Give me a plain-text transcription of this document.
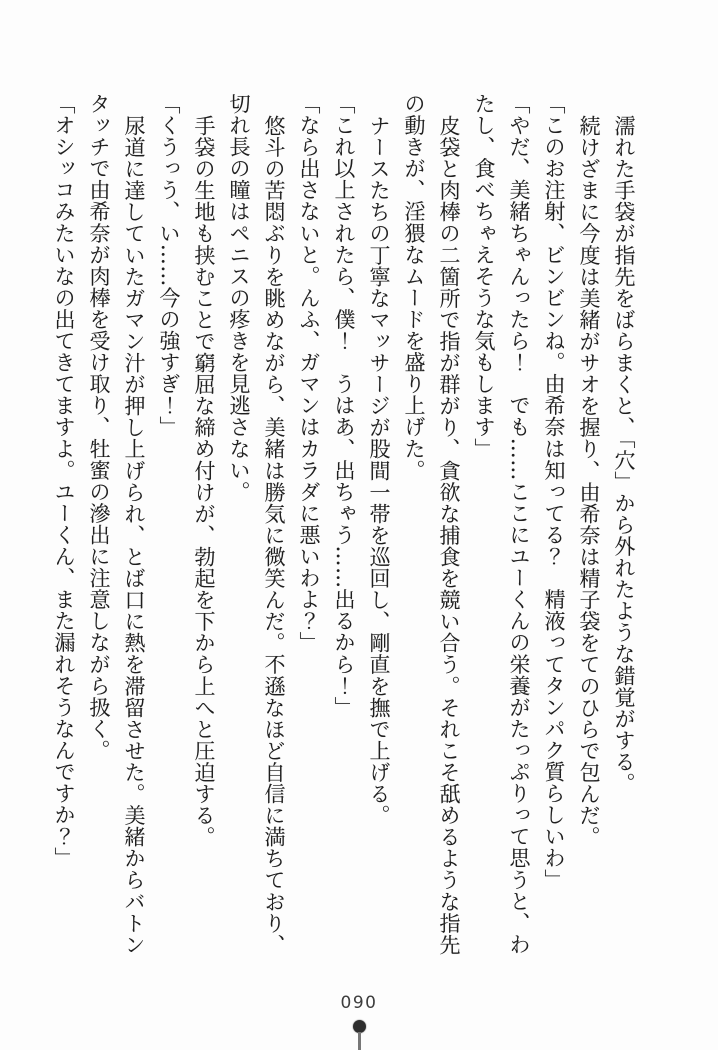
濡れた手袋が指先をばらまくと、「穴」から外れたような錯覚がする。

続けざまに今度は美緒がサオを握り、由希奈は精子袋をてのひらで包んだ。

「このお注射、ビンビンね。由希奈は知ってる？　精液ってタンパク質らしいわ」

「やだ、美緒ちゃんったら！　でも……ここにユーくんの栄養がたっぷりって思うと、わたし、食べちゃえそうな気もします」

皮袋と肉棒の二箇所で指が群がり、貪欲な捕食を競い合う。それこそ舐めるような指先の動きが、淫猥なムードを盛り上げた。

ナースたちの丁寧なマッサージが股間一帯を巡回し、剛直を撫で上げる。

「これ以上されたら、僕！　うはあ、出ちゃう……出るから！」

「なら出さないと。んふ、ガマンはカラダに悪いわよ？」

悠斗の苦悶ぶりを眺めながら、美緒は勝気に微笑んだ。不遜なほど自信に満ちており、切れ長の瞳はペニスの疼きを見逃さない。

手袋の生地も挟むことで窮屈な締め付けが、勃起を下から上へと圧迫する。

「くうっう、い……今の強すぎ！」

尿道に達していたガマン汁が押し上げられ、とば口に熱を滞留させた。美緒からバトンタッチで由希奈が肉棒を受け取り、牡蜜の滲出に注意しながら扱く。

「オシッコみたいなの出てきてますよ。ユーくん、また漏れそうなんですか？」

090
